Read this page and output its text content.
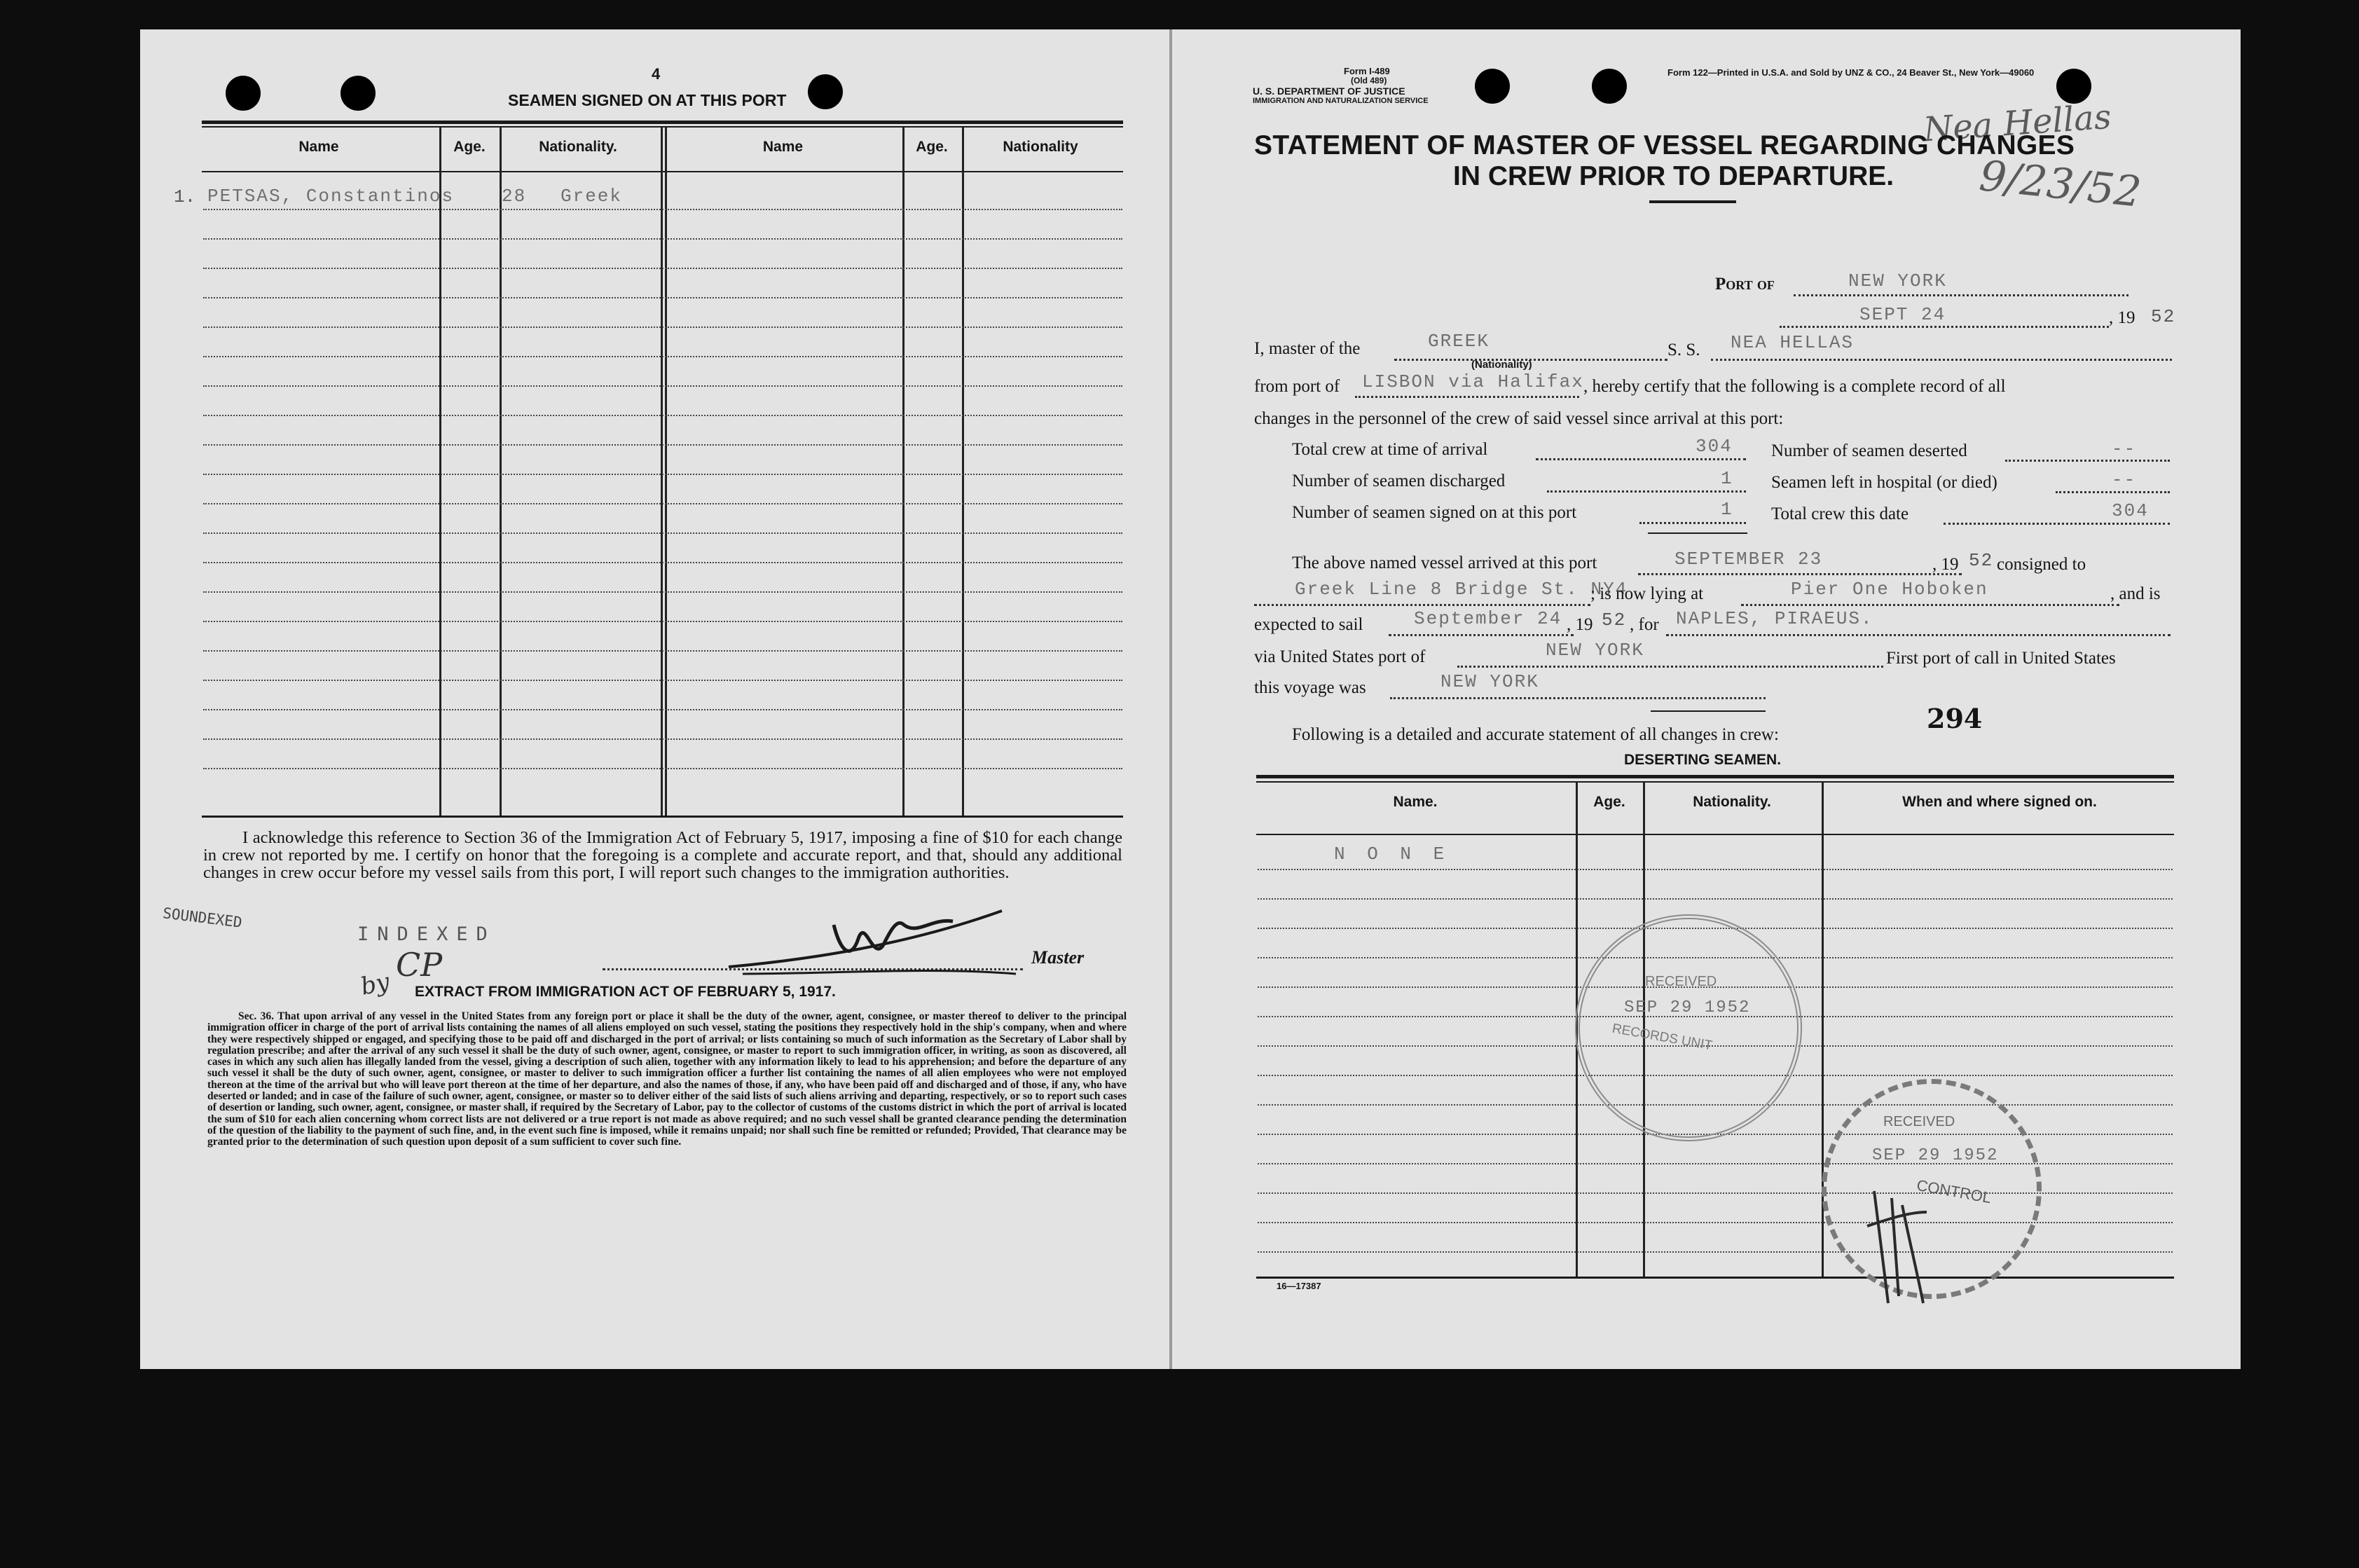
4
SEAMEN SIGNED ON AT THIS PORT
Name	Age.	Nationality.	Name	Age.	Nationality
1. PETSAS, Constantinos	28 Greek
I acknowledge this reference to Section 36 of the Immigration Act of February 5, 1917, imposing a fine of $10 for each change in crew not reported by me. I certify on honor that the foregoing is a complete and accurate report, and that, should any additional changes in crew occur before my vessel sails from this port, I will report such changes to the immigration authorities.
SOUNDEXED
INDEXED
by
CP	Master
EXTRACT FROM IMMIGRATION ACT OF FEBRUARY 5, 1917.
Sec. 36. That upon arrival of any vessel in the United States from any foreign port or place it shall be the duty of the owner, agent, consignee, or master thereof to deliver to the principal immigration officer in charge of the port of arrival lists containing the names of all aliens employed on such vessel, stating the positions they respectively hold in the ship's company, when and where they were respectively shipped or engaged, and specifying those to be paid off and discharged in the port of arrival; or lists containing so much of such information as the Secretary of Labor shall by regulation prescribe; and after the arrival of any such vessel it shall be the duty of such owner, agent, consignee, or master to report to such immigration officer, in writing, as soon as discovered, all cases in which any such alien has illegally landed from the vessel, giving a description of such alien, together with any information likely to lead to his apprehension; and before the departure of any such vessel it shall be the duty of such owner, agent, consignee, or master to deliver to such immigration officer a further list containing the names of all alien employees who were not employed thereon at the time of the arrival but who will leave port thereon at the time of her departure, and also the names of those, if any, who have been paid off and discharged and of those, if any, who have deserted or landed; and in case of the failure of such owner, agent, consignee, or master so to deliver either of the said lists of such aliens arriving and departing, respectively, or so to report such cases of desertion or landing, such owner, agent, consignee, or master shall, if required by the Secretary of Labor, pay to the collector of customs of the customs district in which the port of arrival is located the sum of $10 for each alien concerning whom correct lists are not delivered or a true report is not made as above required; and no such vessel shall be granted clearance pending the determination of the question of the liability to the payment of such fine, and, in the event such fine is imposed, while it remains unpaid; nor shall such fine be remitted or refunded; Provided, That clearance may be granted prior to the determination of such question upon deposit of a sum sufficient to cover such fine.
Form I-489
(Old 489)
U. S. DEPARTMENT OF JUSTICE
IMMIGRATION AND NATURALIZATION SERVICE
Form 122—Printed in U.S.A. and Sold by UNZ & CO., 24 Beaver St., New York—49060
Nea Hellas
9/23/52
STATEMENT OF MASTER OF VESSEL REGARDING CHANGES
IN CREW PRIOR TO DEPARTURE.
Port of	NEW YORK
SEPT 24	, 19 52
I, master of the	GREEK
(Nationality)
S. S. NEA HELLAS
from port of LISBON via Halifax , hereby certify that the following is a complete record of all
changes in the personnel of the crew of said vessel since arrival at this port:
Total crew at time of arrival	304 Number of seamen deserted	--
Number of seamen discharged	1 Seamen left in hospital (or died)	--
Number of seamen signed on at this port	1 Total crew this date	304
The above named vessel arrived at this port	SEPTEMBER 23	, 19 52 consigned to
Greek Line 8 Bridge St. NY4
; is now lying at	Pier One Hoboken	, and is
expected to sail	September 24 , 19 52 , for NAPLES, PIRAEUS.
via United States port of	NEW YORK	First port of call in United States
this voyage was	NEW YORK
Following is a detailed and accurate statement of all changes in crew:
294
DESERTING SEAMEN.
Name.	Age.	Nationality.	When and where signed on.
N O N E
RECEIVED
SEP 29 1952
RECORDS UNIT
RECEIVED
SEP 29 1952
CONTROL
16—17387
